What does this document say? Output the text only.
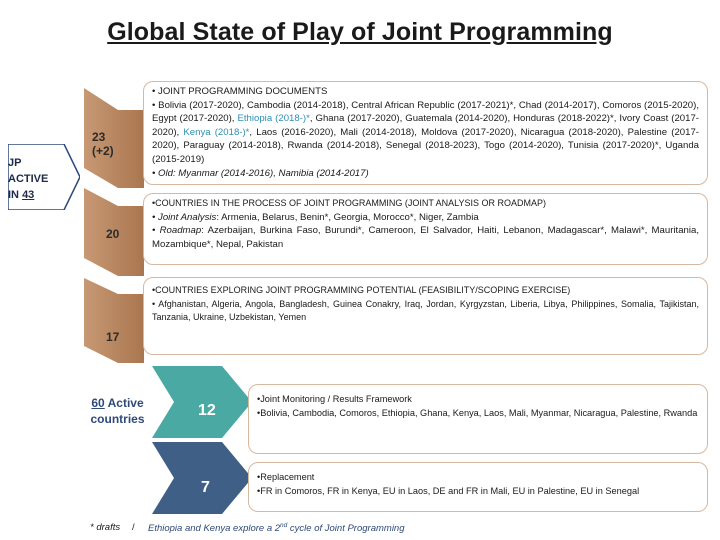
Global State of Play of Joint Programming
JP
ACTIVE
IN 43
23 (+2)
20
17
60 Active countries	12
7

• JOINT PROGRAMMING DOCUMENTS

• Bolivia (2017-2020), Cambodia (2014-2018), Central African Republic (2017-2021)*, Chad (2014-2017), Comoros (2015-2020), Egypt (2017-2020), Ethiopia (2018-)*, Ghana (2017-2020), Guatemala (2014-2020), Honduras (2018-2022)*, Ivory Coast (2017-2020), Kenya (2018-)*, Laos (2016-2020), Mali (2014-2018), Moldova (2017-2020), Nicaragua (2018-2020), Palestine (2017-2020), Paraguay (2014-2018), Rwanda (2014-2018), Senegal (2018-2023), Togo (2014-2020), Tunisia (2017-2020)*, Uganda (2015-2019)

• Old: Myanmar (2014-2016), Namibia (2014-2017)

•COUNTRIES IN THE PROCESS OF JOINT PROGRAMMING (JOINT ANALYSIS OR ROADMAP)

• Joint Analysis: Armenia, Belarus, Benin*, Georgia, Morocco*, Niger, Zambia

• Roadmap: Azerbaijan, Burkina Faso, Burundi*, Cameroon, El Salvador, Haiti, Lebanon, Madagascar*, Malawi*, Mauritania, Mozambique*, Nepal, Pakistan

•COUNTRIES EXPLORING JOINT PROGRAMMING POTENTIAL (FEASIBILITY/SCOPING EXERCISE)

• Afghanistan, Algeria, Angola, Bangladesh, Guinea Conakry, Iraq, Jordan, Kyrgyzstan, Liberia, Libya, Philippines, Somalia, Tajikistan, Tanzania, Ukraine, Uzbekistan, Yemen

•Joint Monitoring / Results Framework

•Bolivia, Cambodia, Comoros, Ethiopia, Ghana, Kenya, Laos, Mali, Myanmar, Nicaragua, Palestine, Rwanda

•Replacement

•FR in Comoros, FR in Kenya, EU in Laos, DE and FR in Mali, EU in Palestine, EU in Senegal

* drafts / Ethiopia and Kenya explore a 2nd cycle of Joint Programming
